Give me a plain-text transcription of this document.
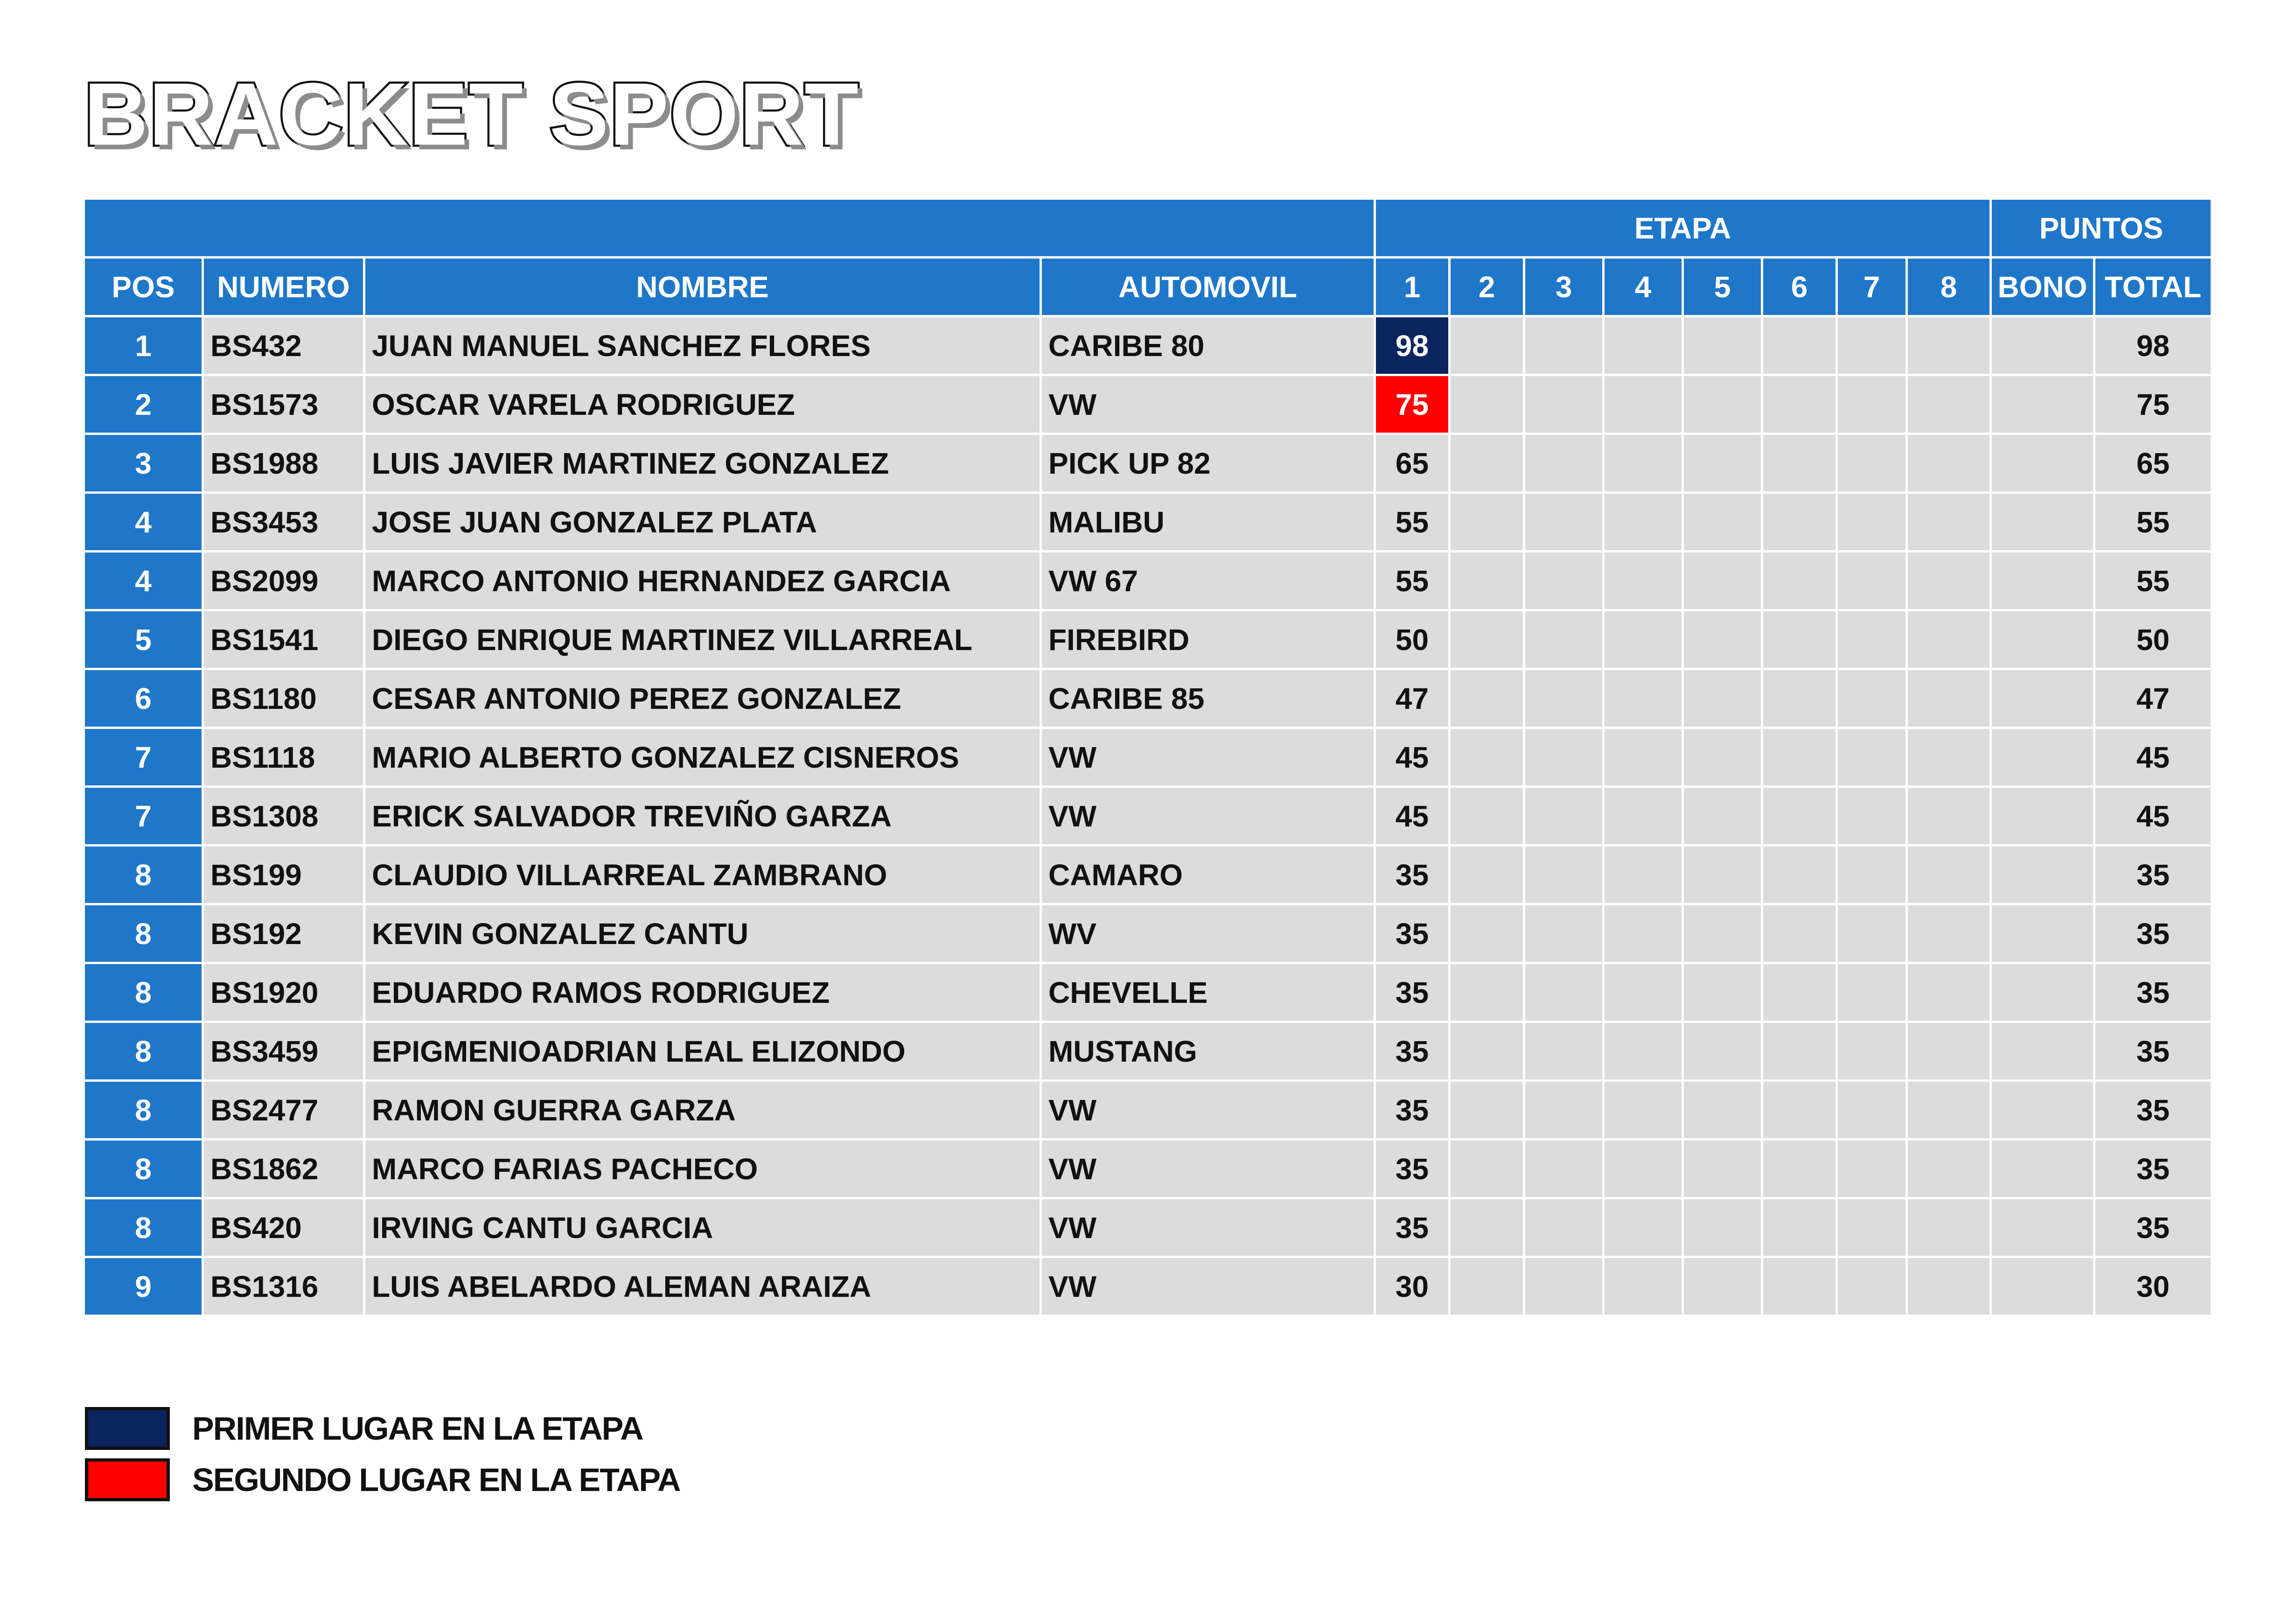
BRACKET SPORT
				ETAPA								PUNTOS	
POS	NUMERO	NOMBRE	AUTOMOVIL	1	2	3	4	5	6	7	8	BONO	TOTAL
1	BS432	JUAN MANUEL SANCHEZ FLORES	CARIBE 80	98									98
2	BS1573	OSCAR VARELA RODRIGUEZ	VW	75									75
3	BS1988	LUIS JAVIER MARTINEZ GONZALEZ	PICK UP 82	65									65
4	BS3453	JOSE JUAN GONZALEZ PLATA	MALIBU	55									55
4	BS2099	MARCO ANTONIO HERNANDEZ GARCIA	VW 67	55									55
5	BS1541	DIEGO ENRIQUE MARTINEZ VILLARREAL	FIREBIRD	50									50
6	BS1180	CESAR ANTONIO PEREZ GONZALEZ	CARIBE 85	47									47
7	BS1118	MARIO ALBERTO GONZALEZ CISNEROS	VW	45									45
7	BS1308	ERICK SALVADOR TREVIÑO GARZA	VW	45									45
8	BS199	CLAUDIO VILLARREAL ZAMBRANO	CAMARO	35									35
8	BS192	KEVIN GONZALEZ CANTU	WV	35									35
8	BS1920	EDUARDO RAMOS RODRIGUEZ	CHEVELLE	35									35
8	BS3459	EPIGMENIOADRIAN LEAL ELIZONDO	MUSTANG	35									35
8	BS2477	RAMON GUERRA GARZA	VW	35									35
8	BS1862	MARCO FARIAS PACHECO	VW	35									35
8	BS420	IRVING CANTU GARCIA	VW	35									35
9	BS1316	LUIS ABELARDO ALEMAN ARAIZA	VW	30									30
PRIMER LUGAR EN LA ETAPA
SEGUNDO LUGAR EN LA ETAPA
